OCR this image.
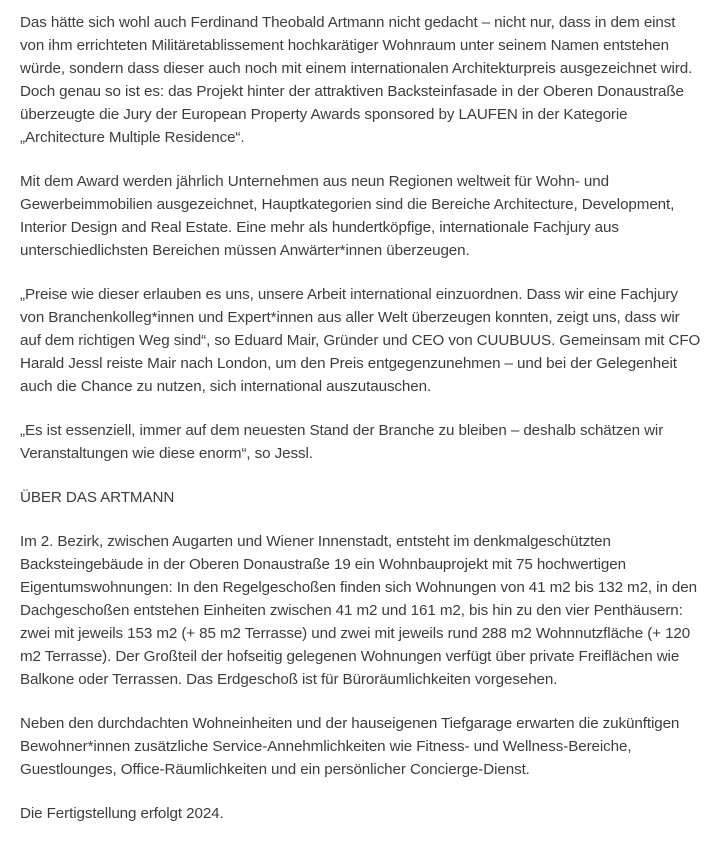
Das hätte sich wohl auch Ferdinand Theobald Artmann nicht gedacht – nicht nur, dass in dem einst von ihm errichteten Militäretablissement hochkarätiger Wohnraum unter seinem Namen entstehen würde, sondern dass dieser auch noch mit einem internationalen Architekturpreis ausgezeichnet wird. Doch genau so ist es: das Projekt hinter der attraktiven Backsteinfasade in der Oberen Donaustraße überzeugte die Jury der European Property Awards sponsored by LAUFEN in der Kategorie „Architecture Multiple Residence“.

Mit dem Award werden jährlich Unternehmen aus neun Regionen weltweit für Wohn- und Gewerbeimmobilien ausgezeichnet, Hauptkategorien sind die Bereiche Architecture, Development, Interior Design and Real Estate. Eine mehr als hundertköpfige, internationale Fachjury aus unterschiedlichsten Bereichen müssen Anwärter*innen überzeugen.

„Preise wie dieser erlauben es uns, unsere Arbeit international einzuordnen. Dass wir eine Fachjury von Branchenkolleg*innen und Expert*innen aus aller Welt überzeugen konnten, zeigt uns, dass wir auf dem richtigen Weg sind“, so Eduard Mair, Gründer und CEO von CUUBUUS. Gemeinsam mit CFO Harald Jessl reiste Mair nach London, um den Preis entgegenzunehmen – und bei der Gelegenheit auch die Chance zu nutzen, sich international auszutauschen.

„Es ist essenziell, immer auf dem neuesten Stand der Branche zu bleiben – deshalb schätzen wir Veranstaltungen wie diese enorm“, so Jessl.

ÜBER DAS ARTMANN

Im 2. Bezirk, zwischen Augarten und Wiener Innenstadt, entsteht im denkmalgeschützten Backsteingebäude in der Oberen Donaustraße 19 ein Wohnbauprojekt mit 75 hochwertigen Eigentumswohnungen: In den Regelgeschoßen finden sich Wohnungen von 41 m2 bis 132 m2, in den Dachgeschoßen entstehen Einheiten zwischen 41 m2 und 161 m2, bis hin zu den vier Penthäusern: zwei mit jeweils 153 m2 (+ 85 m2 Terrasse) und zwei mit jeweils rund 288 m2 Wohnnutzfläche (+ 120 m2 Terrasse). Der Großteil der hofseitig gelegenen Wohnungen verfügt über private Freiflächen wie Balkone oder Terrassen. Das Erdgeschoß ist für Büroräumlichkeiten vorgesehen.

Neben den durchdachten Wohneinheiten und der hauseigenen Tiefgarage erwarten die zukünftigen Bewohner*innen zusätzliche Service-Annehmlichkeiten wie Fitness- und Wellness-Bereiche, Guestlounges, Office-Räumlichkeiten und ein persönlicher Concierge-Dienst.

Die Fertigstellung erfolgt 2024.
